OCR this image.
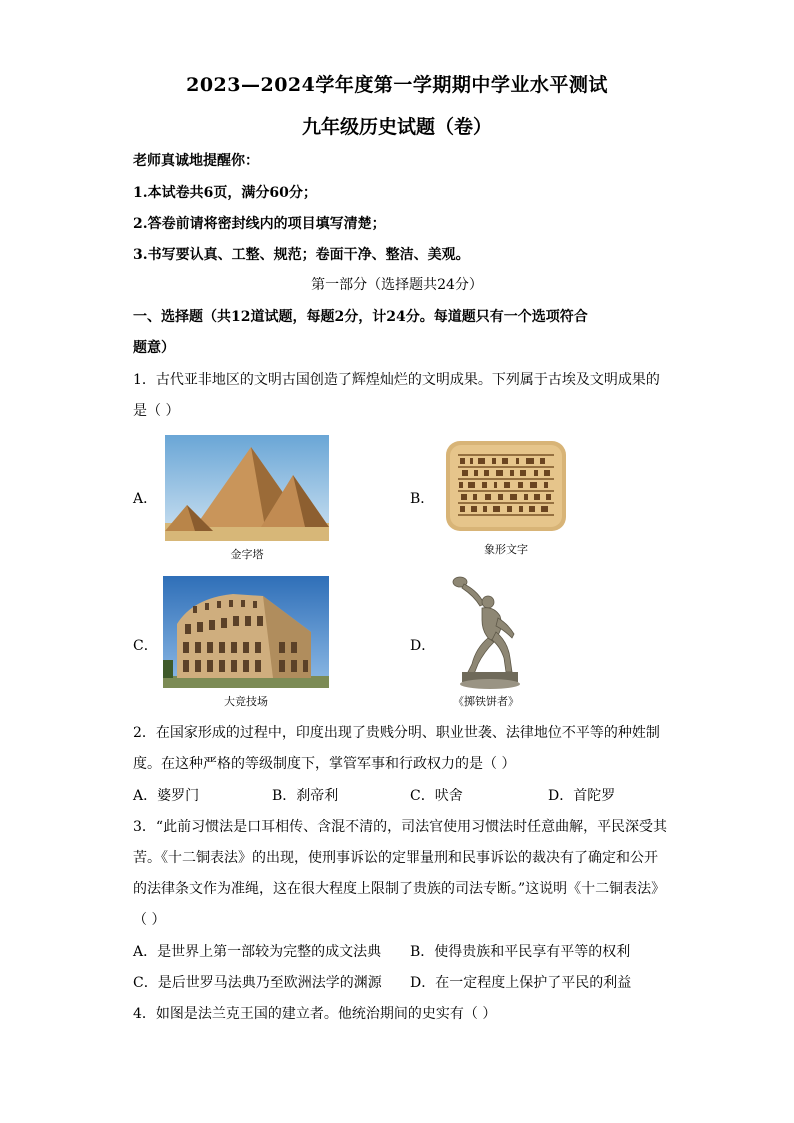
2023—2024学年度第一学期期中学业水平测试
九年级历史试题（卷）
老师真诚地提醒你：
1.本试卷共6页，满分60分；
2.答卷前请将密封线内的项目填写清楚；
3.书写要认真、工整、规范；卷面干净、整洁、美观。
第一部分（选择题共24分）
一、选择题（共12道试题，每题2分，计24分。每道题只有一个选项符合
题意）
1．古代亚非地区的文明古国创造了辉煌灿烂的文明成果。下列属于古埃及文明成果的
是（ ）
A．
金字塔
B．
象形文字
C．
大竞技场
D．
《掷铁饼者》
2．在国家形成的过程中，印度出现了贵贱分明、职业世袭、法律地位不平等的种姓制
度。在这种严格的等级制度下，掌管军事和行政权力的是（ ）
A．婆罗门	B．刹帝利	C．吠舍	D．首陀罗
3．“此前习惯法是口耳相传、含混不清的，司法官使用习惯法时任意曲解，平民深受其
苦。《十二铜表法》的出现，使刑事诉讼的定罪量刑和民事诉讼的裁决有了确定和公开
的法律条文作为准绳，这在很大程度上限制了贵族的司法专断。”这说明《十二铜表法》
（ ）
A．是世界上第一部较为完整的成文法典 B．使得贵族和平民享有平等的权利
C．是后世罗马法典乃至欧洲法学的渊源 D．在一定程度上保护了平民的利益
4．如图是法兰克王国的建立者。他统治期间的史实有（ ）
